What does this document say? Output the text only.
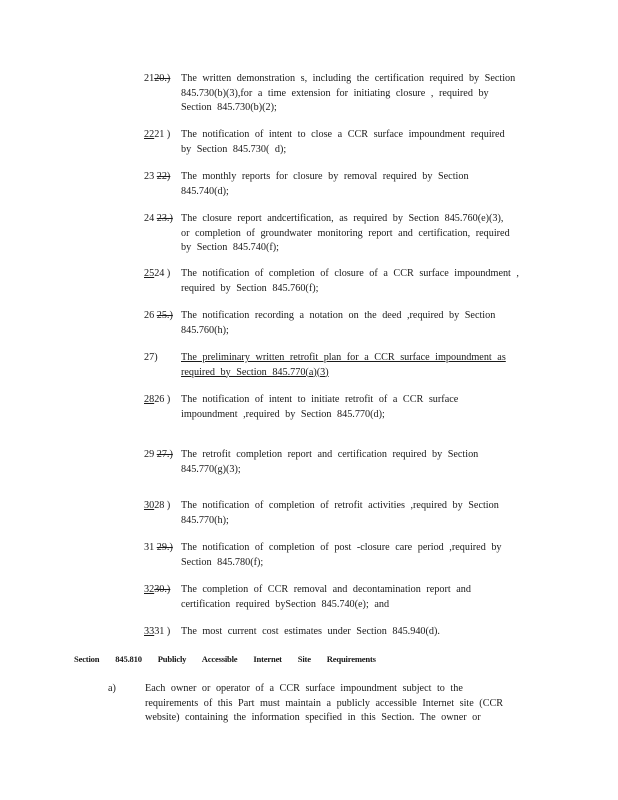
2120.)	The written demonstration s, including the certification required by Section
845.730(b)(3),for a time extension for initiating closure , required by
Section 845.730(b)(2);
2221 )	The notification of intent to close a CCR surface impoundment required
by Section 845.730( d);
23 22)	The monthly reports for closure by removal required by Section
845.740(d);
24 23.) The closure report andcertification, as required by Section 845.760(e)(3),
or completion of groundwater monitoring report and certification, required
by Section 845.740(f);
2524 )	The notification of completion of closure of a CCR surface impoundment ,
required by Section 845.760(f);
26 25.) The notification recording a notation on the deed ,required by Section
845.760(h);
27)	The preliminary written retrofit plan for a CCR surface impoundment as
required by Section 845.770(a)(3)
2826 )	The notification of intent to initiate retrofit of a CCR surface
impoundment ,required by Section 845.770(d);
29 27.) The retrofit completion report and certification required by Section
845.770(g)(3);
3028 )	The notification of completion of retrofit activities ,required by Section
845.770(h);
31 29.) The notification of completion of post -closure care period ,required by
Section 845.780(f);
3230.)	The completion of CCR removal and decontamination report and
certification required bySection 845.740(e); and
3331 )	The most current cost estimates under Section 845.940(d).
Section 845.810 Publicly Accessible Internet Site Requirements
a)	Each owner or operator of a CCR surface impoundment subject to the
requirements of this Part must maintain a publicly accessible Internet site (CCR
website) containing the information specified in this Section. The owner or
